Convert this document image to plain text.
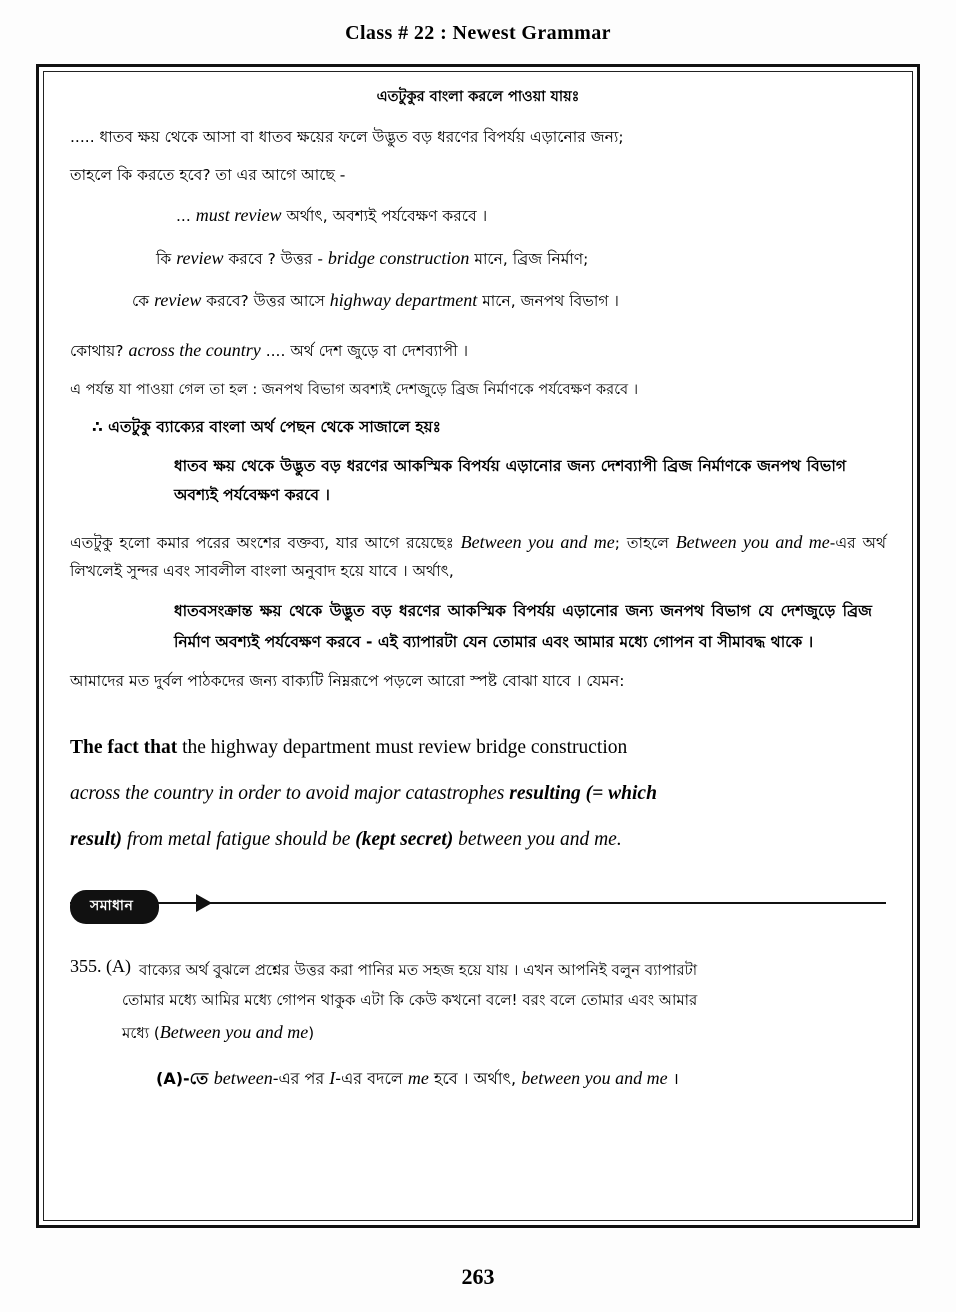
Class # 22 : Newest Grammar
এতটুকুর বাংলা করলে পাওয়া যায়ঃ
..... ধাতব ক্ষয় থেকে আসা বা ধাতব ক্ষয়ের ফলে উদ্ভুত বড় ধরণের বিপর্যয় এড়ানোর জন্য;
তাহলে কি করতে হবে? তা এর আগে আছে -
... must review অর্থাৎ, অবশ্যই পর্যবেক্ষণ করবে ।
কি review করবে ? উত্তর - bridge construction মানে, ব্রিজ নির্মাণ;
কে review করবে? উত্তর আসে highway department মানে, জনপথ বিভাগ ।
কোথায়? across the country .... অর্থ দেশ জুড়ে বা দেশব্যাপী ।
এ পর্যন্ত যা পাওয়া গেল তা হল : জনপথ বিভাগ অবশ্যই দেশজুড়ে ব্রিজ নির্মাণকে পর্যবেক্ষণ করবে ।
∴ এতটুকু ব্যাক্যের বাংলা অর্থ পেছন থেকে সাজালে হয়ঃ
ধাতব ক্ষয় থেকে উদ্ভুত বড় ধরণের আকস্মিক বিপর্যয় এড়ানোর জন্য দেশব্যাপী ব্রিজ নির্মাণকে জনপথ বিভাগ অবশ্যই পর্যবেক্ষণ করবে ।
এতটুকু হলো কমার পরের অংশের বক্তব্য, যার আগে রয়েছেঃ Between you and me; তাহলে Between you and me-এর অর্থ লিখলেই সুন্দর এবং সাবলীল বাংলা অনুবাদ হয়ে যাবে । অর্থাৎ,
ধাতবসংক্রান্ত ক্ষয় থেকে উদ্ভুত বড় ধরণের আকস্মিক বিপর্যয় এড়ানোর জন্য জনপথ বিভাগ যে দেশজুড়ে ব্রিজ নির্মাণ অবশ্যই পর্যবেক্ষণ করবে - এই ব্যাপারটা যেন তোমার এবং আমার মধ্যে গোপন বা সীমাবদ্ধ থাকে ।
আমাদের মত দুর্বল পাঠকদের জন্য বাক্যটি নিম্নরূপে পড়লে আরো স্পষ্ট বোঝা যাবে । যেমন:
The fact that the highway department must review bridge construction
across the country in order to avoid major catastrophes resulting (= which
result) from metal fatigue should be (kept secret) between you and me.
সমাধান
355. (A) বাক্যের অর্থ বুঝলে প্রশ্নের উত্তর করা পানির মত সহজ হয়ে যায় । এখন আপনিই বলুন ব্যাপারটা
তোমার মধ্যে আমির মধ্যে গোপন থাকুক এটা কি কেউ কখনো বলে! বরং বলে তোমার এবং আমার
মধ্যে (Between you and me)
(A)-তে between-এর পর I-এর বদলে me হবে । অর্থাৎ, between you and me ।
263
